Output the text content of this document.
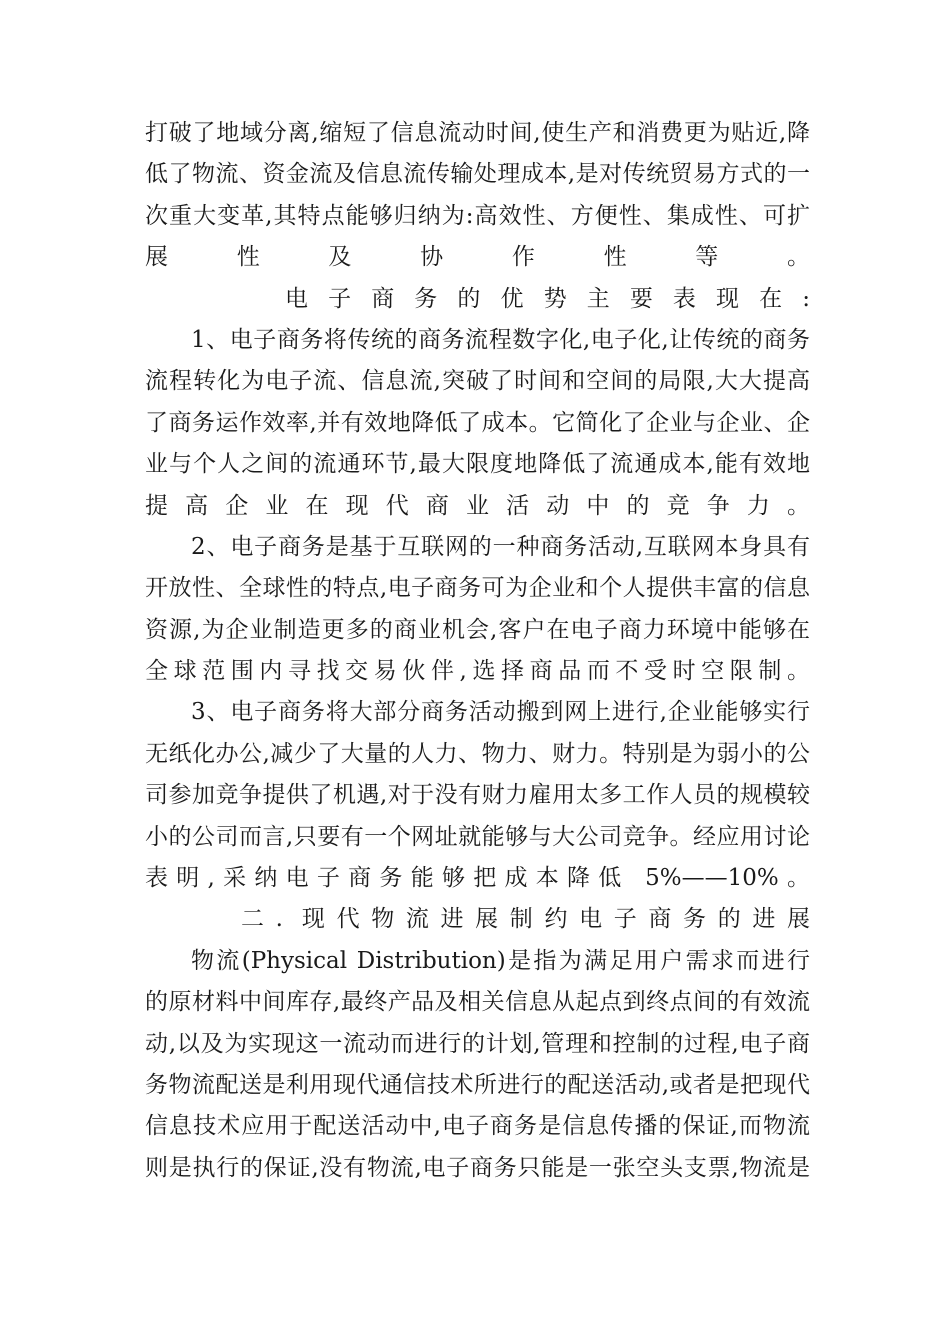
打破了地域分离,缩短了信息流动时间,使生产和消费更为贴近,降
低了物流、资金流及信息流传输处理成本,是对传统贸易方式的一
次重大变革,其特点能够归纳为:高效性、方便性、集成性、可扩
展性及协作性等。
电子商务的优势主要表现在:
1、电子商务将传统的商务流程数字化,电子化,让传统的商务
流程转化为电子流、信息流,突破了时间和空间的局限,大大提高
了商务运作效率,并有效地降低了成本。它简化了企业与企业、企
业与个人之间的流通环节,最大限度地降低了流通成本,能有效地
提高企业在现代商业活动中的竞争力。
2、电子商务是基于互联网的一种商务活动,互联网本身具有
开放性、全球性的特点,电子商务可为企业和个人提供丰富的信息
资源,为企业制造更多的商业机会,客户在电子商力环境中能够在
全球范围内寻找交易伙伴,选择商品而不受时空限制。
3、电子商务将大部分商务活动搬到网上进行,企业能够实行
无纸化办公,减少了大量的人力、物力、财力。特别是为弱小的公
司参加竞争提供了机遇,对于没有财力雇用太多工作人员的规模较
小的公司而言,只要有一个网址就能够与大公司竞争。经应用讨论
表明,采纳电子商务能够把成本降低 5%——10%。
二. 现代物流进展制约电子商务的进展
物流(Physical Distribution)是指为满足用户需求而进行
的原材料中间库存,最终产品及相关信息从起点到终点间的有效流
动,以及为实现这一流动而进行的计划,管理和控制的过程,电子商
务物流配送是利用现代通信技术所进行的配送活动,或者是把现代
信息技术应用于配送活动中,电子商务是信息传播的保证,而物流
则是执行的保证,没有物流,电子商务只能是一张空头支票,物流是
